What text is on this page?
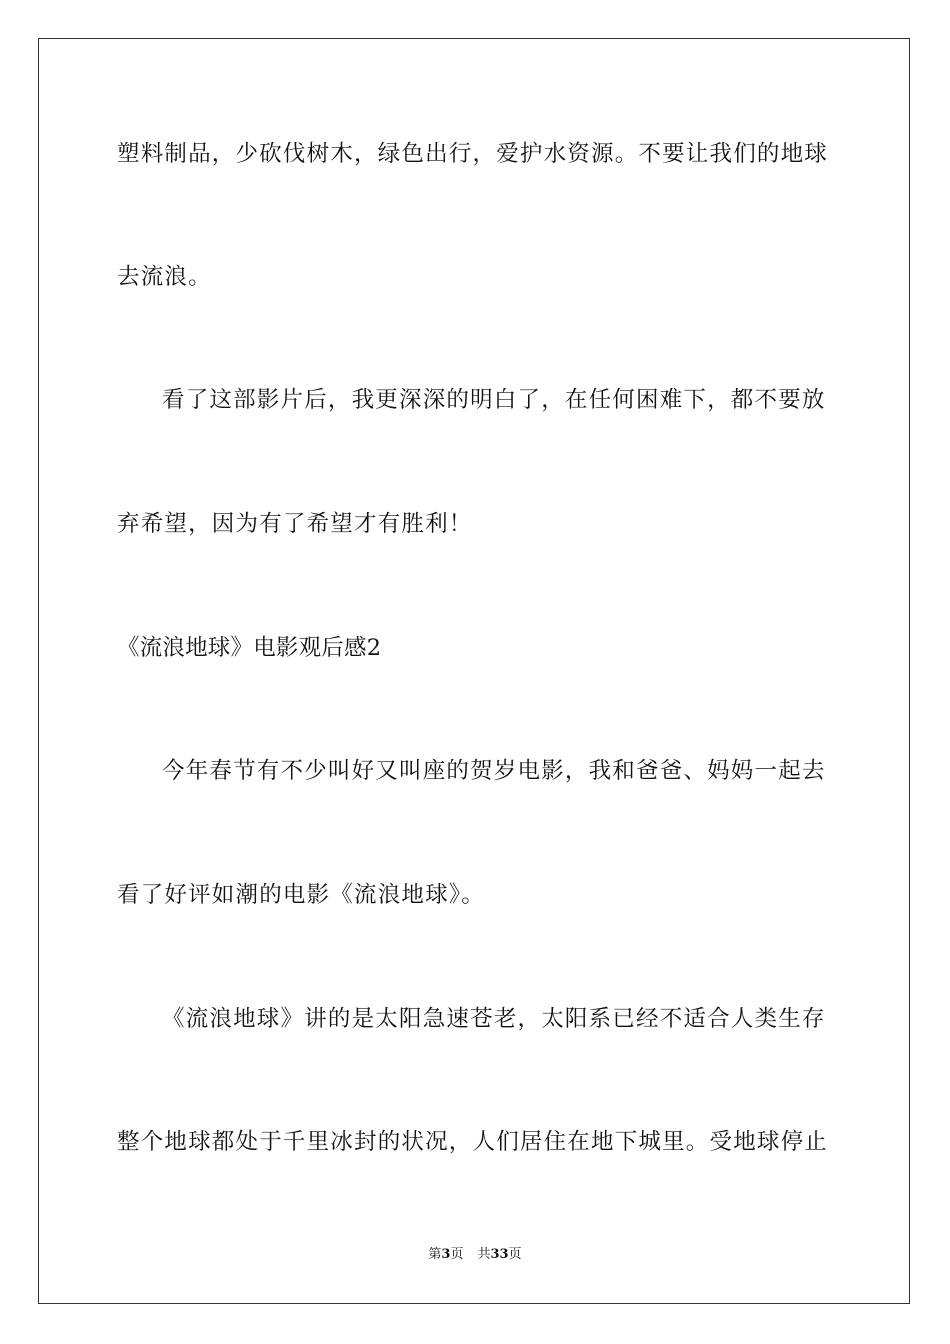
塑料制品，少砍伐树木，绿色出行，爱护水资源。不要让我们的地球
去流浪。
看了这部影片后，我更深深的明白了，在任何困难下，都不要放
弃希望，因为有了希望才有胜利！
《流浪地球》电影观后感2
今年春节有不少叫好又叫座的贺岁电影，我和爸爸、妈妈一起去
看了好评如潮的电影《流浪地球》。
《流浪地球》讲的是太阳急速苍老，太阳系已经不适合人类生存
整个地球都处于千里冰封的状况，人们居住在地下城里。受地球停止
第3页 共33页
